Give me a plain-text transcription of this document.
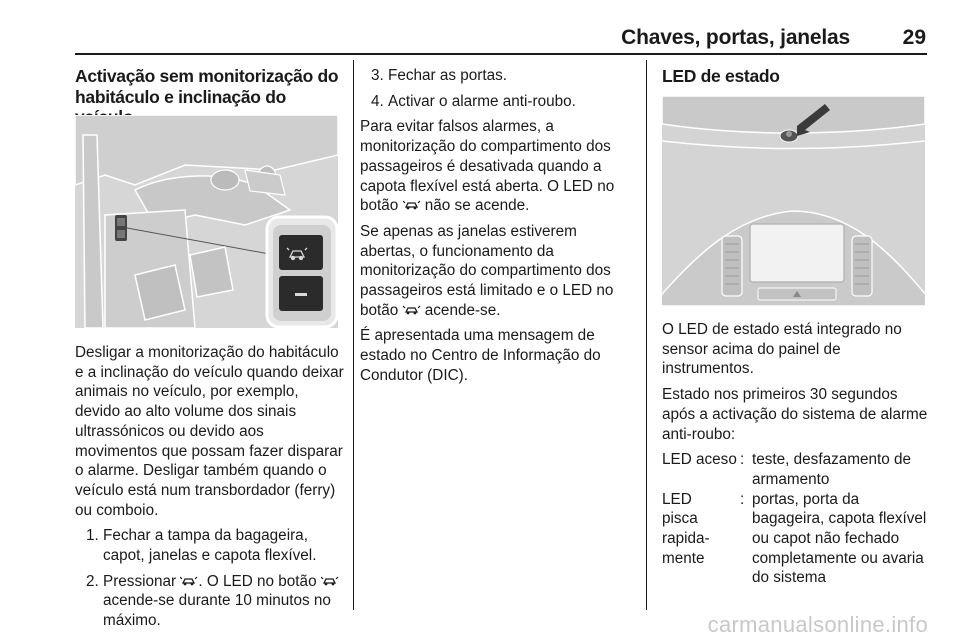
Chaves, portas, janelas	29
Activação sem monitorização do habitáculo e inclinação do

Desligar a monitorização do habitáculo e a inclinação do veículo quando deixar animais no veículo, por exemplo, devido ao alto volume dos sinais ultrassónicos ou devido aos movimentos que possam fazer disparar o alarme. Desligar também quando o veículo está num transbordador (ferry) ou comboio.

1. Fechar a tampa da bagageira, capot, janelas e capota flexível.
2. Pressionar . O LED no botão  acende-se durante 10 minutos no máximo.
3. Fechar as portas.
4. Activar o alarme anti-roubo.

Para evitar falsos alarmes, a monitorização do compartimento dos passageiros é desativada quando a capota flexível está aberta. O LED no botão  não se acende.

Se apenas as janelas estiverem abertas, o funcionamento da monitorização do compartimento dos passageiros está limitado e o LED no botão  acende-se.

É apresentada uma mensagem de estado no Centro de Informação do Condutor (DIC).

LED de estado

O LED de estado está integrado no sensor acima do painel de instrumentos.

Estado nos primeiros 30 segundos após a activação do sistema de alarme anti-roubo:

LED aceso : teste, desfazamento de armamento
LED pisca rapida-mente
: portas, porta da bagageira, capota flexível ou capot não fechado completamente ou avaria do sistema
carmanualsonline.info
